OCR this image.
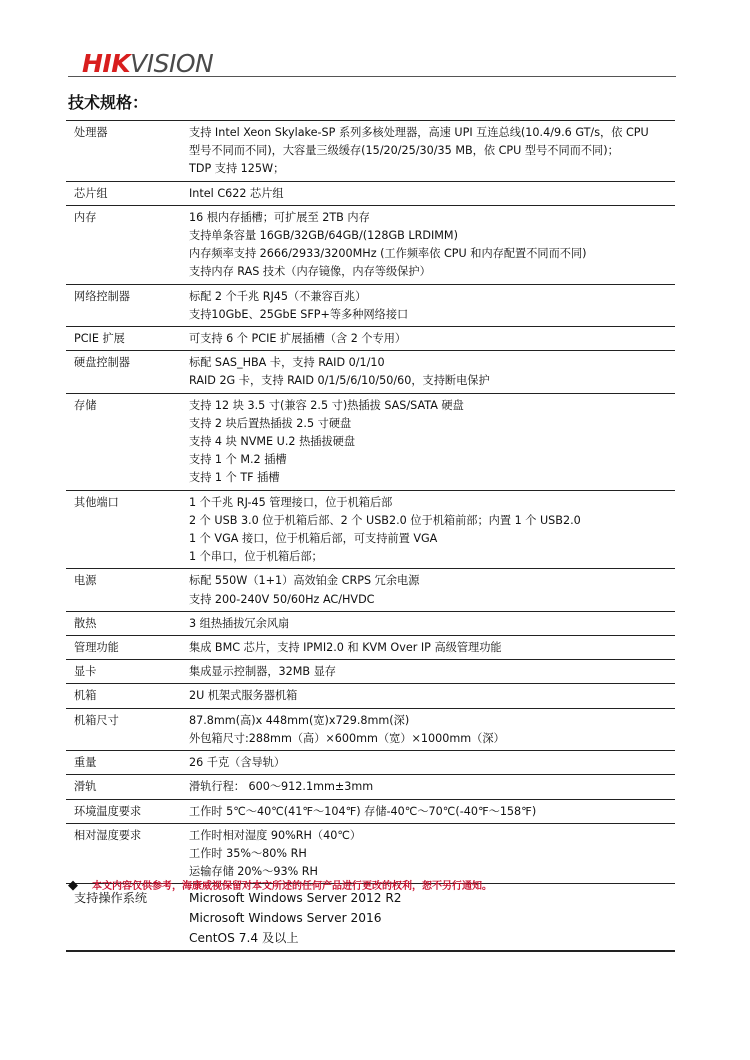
HIKVISION
技术规格：
处理器	支持 Intel Xeon Skylake-SP 系列多核处理器，高速 UPI 互连总线(10.4/9.6 GT/s，依 CPU
型号不同而不同)，大容量三级缓存(15/20/25/30/35 MB，依 CPU 型号不同而不同)；
TDP 支持 125W；

芯片组	Intel C622 芯片组

内存	16 根内存插槽；可扩展至 2TB 内存
支持单条容量 16GB/32GB/64GB/(128GB LRDIMM)
内存频率支持 2666/2933/3200MHz (工作频率依 CPU 和内存配置不同而不同)
支持内存 RAS 技术（内存镜像，内存等级保护）

网络控制器	标配 2 个千兆 RJ45（不兼容百兆）
支持10GbE、25GbE SFP+等多种网络接口

PCIE 扩展	可支持 6 个 PCIE 扩展插槽（含 2 个专用）

硬盘控制器	标配 SAS_HBA 卡，支持 RAID 0/1/10
RAID 2G 卡，支持 RAID 0/1/5/6/10/50/60，支持断电保护

存储	支持 12 块 3.5 寸(兼容 2.5 寸)热插拔 SAS/SATA 硬盘
支持 2 块后置热插拔 2.5 寸硬盘
支持 4 块 NVME U.2 热插拔硬盘
支持 1 个 M.2 插槽
支持 1 个 TF 插槽

其他端口	1 个千兆 RJ-45 管理接口，位于机箱后部
2 个 USB 3.0 位于机箱后部、2 个 USB2.0 位于机箱前部；内置 1 个 USB2.0
1 个 VGA 接口，位于机箱后部，可支持前置 VGA
1 个串口，位于机箱后部；

电源	标配 550W（1+1）高效铂金 CRPS 冗余电源
支持 200-240V 50/60Hz AC/HVDC

散热	3 组热插拔冗余风扇

管理功能	集成 BMC 芯片，支持 IPMI2.0 和 KVM Over IP 高级管理功能

显卡	集成显示控制器，32MB 显存

机箱	2U 机架式服务器机箱

机箱尺寸	87.8mm(高)x 448mm(宽)x729.8mm(深)
外包箱尺寸:288mm（高）×600mm（宽）×1000mm（深）

重量	26 千克（含导轨）

滑轨	滑轨行程： 600～912.1mm±3mm

环境温度要求	工作时 5℃～40℃(41℉～104℉) 存储-40℃～70℃(-40℉～158℉)

相对湿度要求	工作时相对湿度 90%RH（40℃）
工作时 35%～80% RH
运输存储 20%～93% RH

支持操作系统	Microsoft Windows Server 2012 R2
Microsoft Windows Server 2016
CentOS 7.4 及以上
◆ 本文内容仅供参考，海康威视保留对本文所述的任何产品进行更改的权利，恕不另行通知。
